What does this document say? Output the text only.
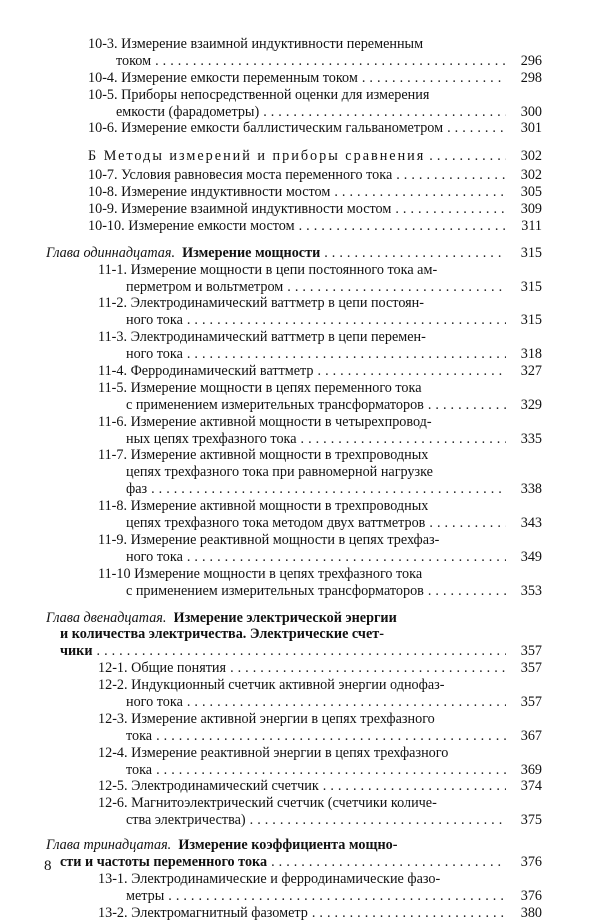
10-3. Измерение взаимной индуктивности переменным
током .....	296
10-4. Измерение емкости переменным током .....	298
10-5. Приборы непосредственной оценки для измерения
емкости (фарадометры) .....	300
10-6. Измерение емкости баллистическим гальванометром .....	301
Б Методы измерений и приборы сравнения .....	302
10-7. Условия равновесия моста переменного тока .....	302
10-8. Измерение индуктивности мостом .....	305
10-9. Измерение взаимной индуктивности мостом .....	309
10-10. Измерение емкости мостом .....	311
Глава одиннадцатая. Измерение мощности .....	315
11-1. Измерение мощности в цепи постоянного тока ам-
перметром и вольтметром .....	315
11-2. Электродинамический ваттметр в цепи постоян-
ного тока .....	315
11-3. Электродинамический ваттметр в цепи перемен-
ного тока .....	318
11-4. Ферродинамический ваттметр .....	327
11-5. Измерение мощности в цепях переменного тока
с применением измерительных трансформаторов .....	329
11-6. Измерение активной мощности в четырехпровод-
ных цепях трехфазного тока .....	335
11-7. Измерение активной мощности в трехпроводных
цепях трехфазного тока при равномерной нагрузке
фаз .....	338
11-8. Измерение активной мощности в трехпроводных
цепях трехфазного тока методом двух ваттметров .....	343
11-9. Измерение реактивной мощности в цепях трехфаз-
ного тока .....	349
11-10 Измерение мощности в цепях трехфазного тока
с применением измерительных трансформаторов .....	353
Глава двенадцатая. Измерение электрической энергии
и количества электричества. Электрические счет-
чики .....	357
12-1. Общие понятия .....	357
12-2. Индукционный счетчик активной энергии однофаз-
ного тока .....	357
12-3. Измерение активной энергии в цепях трехфазного
тока .....	367
12-4. Измерение реактивной энергии в цепях трехфазного
тока .....	369
12-5. Электродинамический счетчик .....	374
12-6. Магнитоэлектрический счетчик (счетчики количе-
ства электричества) .....	375
Глава тринадцатая. Измерение коэффициента мощно-
сти и частоты переменного тока .....	376
13-1. Электродинамические и ферродинамические фазо-
метры .....	376
13-2. Электромагнитный фазометр .....	380
8
